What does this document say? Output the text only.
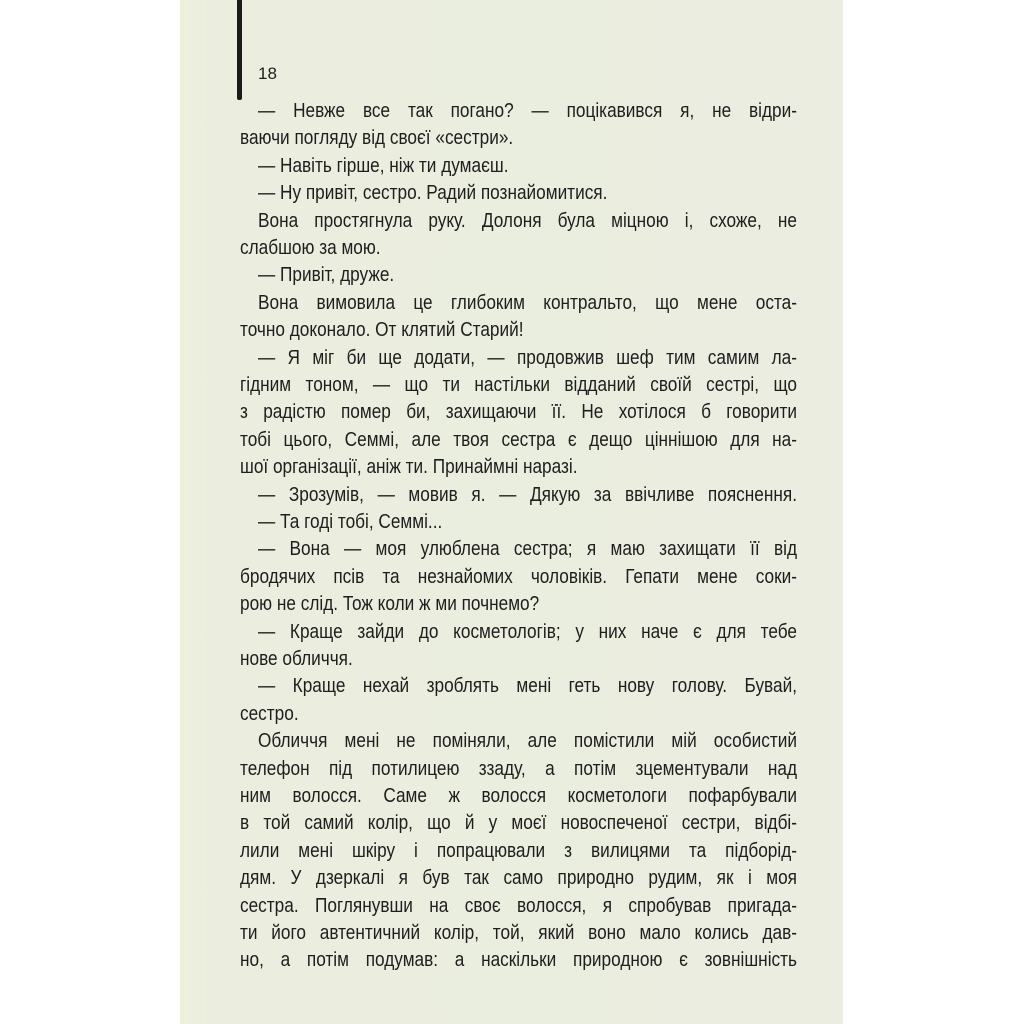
18
— Невже все так погано? — поцікавився я, не відри-
ваючи погляду від своєї «сестри».
— Навіть гірше, ніж ти думаєш.
— Ну привіт, сестро. Радий познайомитися.
Вона простягнула руку. Долоня була міцною і, схоже, не
слабшою за мою.
— Привіт, друже.
Вона вимовила це глибоким контральто, що мене оста-
точно доконало. От клятий Старий!
— Я міг би ще додати, — продовжив шеф тим самим ла-
гідним тоном, — що ти настільки відданий своїй сестрі, що
з радістю помер би, захищаючи її. Не хотілося б говорити
тобі цього, Семмі, але твоя сестра є дещо ціннішою для на-
шої організації, аніж ти. Принаймні наразі.
— Зрозумів, — мовив я. — Дякую за ввічливе пояснення.
— Та годі тобі, Семмі...
— Вона — моя улюблена сестра; я маю захищати її від
бродячих псів та незнайомих чоловіків. Гепати мене соки-
рою не слід. Тож коли ж ми почнемо?
— Краще зайди до косметологів; у них наче є для тебе
нове обличчя.
— Краще нехай зроблять мені геть нову голову. Бувай,
сестро.
Обличчя мені не поміняли, але помістили мій особистий
телефон під потилицею ззаду, а потім зцементували над
ним волосся. Саме ж волосся косметологи пофарбували
в той самий колір, що й у моєї новоспеченої сестри, відбі-
лили мені шкіру і попрацювали з вилицями та підборід-
дям. У дзеркалі я був так само природно рудим, як і моя
сестра. Поглянувши на своє волосся, я спробував пригада-
ти його автентичний колір, той, який воно мало колись дав-
но, а потім подумав: а наскільки природною є зовнішність
